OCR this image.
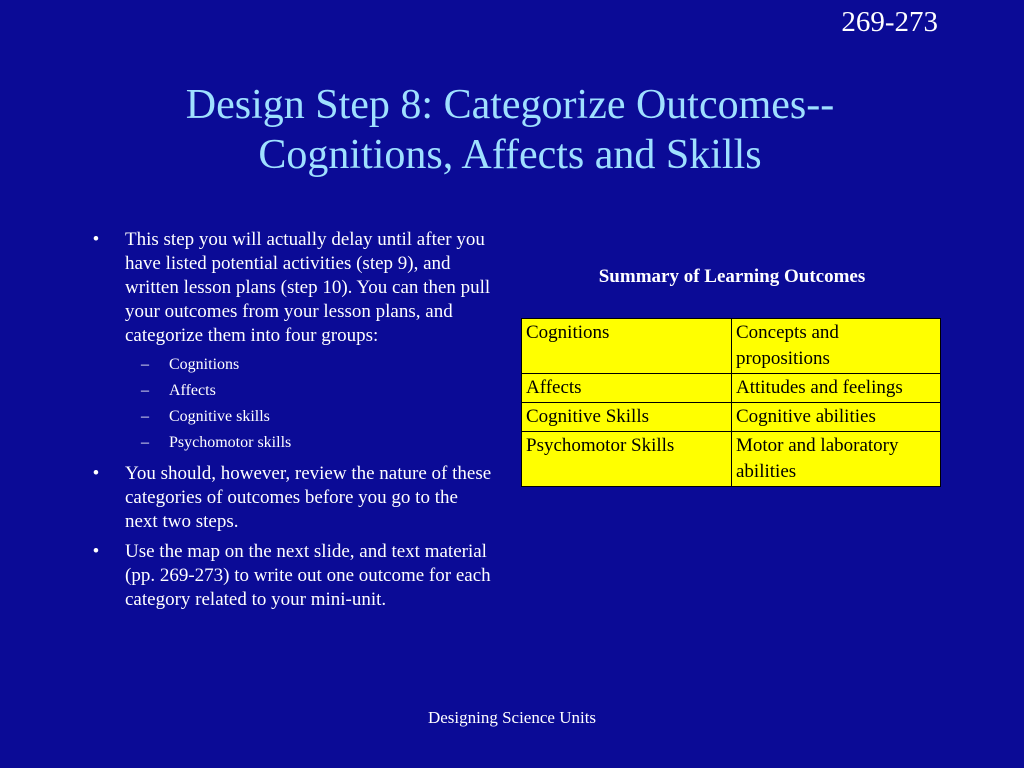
269-273
Design Step 8: Categorize Outcomes--
Cognitions, Affects and Skills
• This step you will actually delay until after you have listed potential activities (step 9), and written lesson plans (step 10). You can then pull your outcomes from your lesson plans, and categorize them into four groups:
– Cognitions
– Affects
– Cognitive skills
– Psychomotor skills
• You should, however, review the nature of these categories of outcomes before you go to the next two steps.
• Use the map on the next slide, and text material (pp. 269-273) to write out one outcome for each category related to your mini-unit.
Summary of Learning Outcomes
Cognitions	Concepts and propositions
Affects	Attitudes and feelings
Cognitive Skills	Cognitive abilities
Psychomotor Skills	Motor and laboratory abilities
Designing Science Units
